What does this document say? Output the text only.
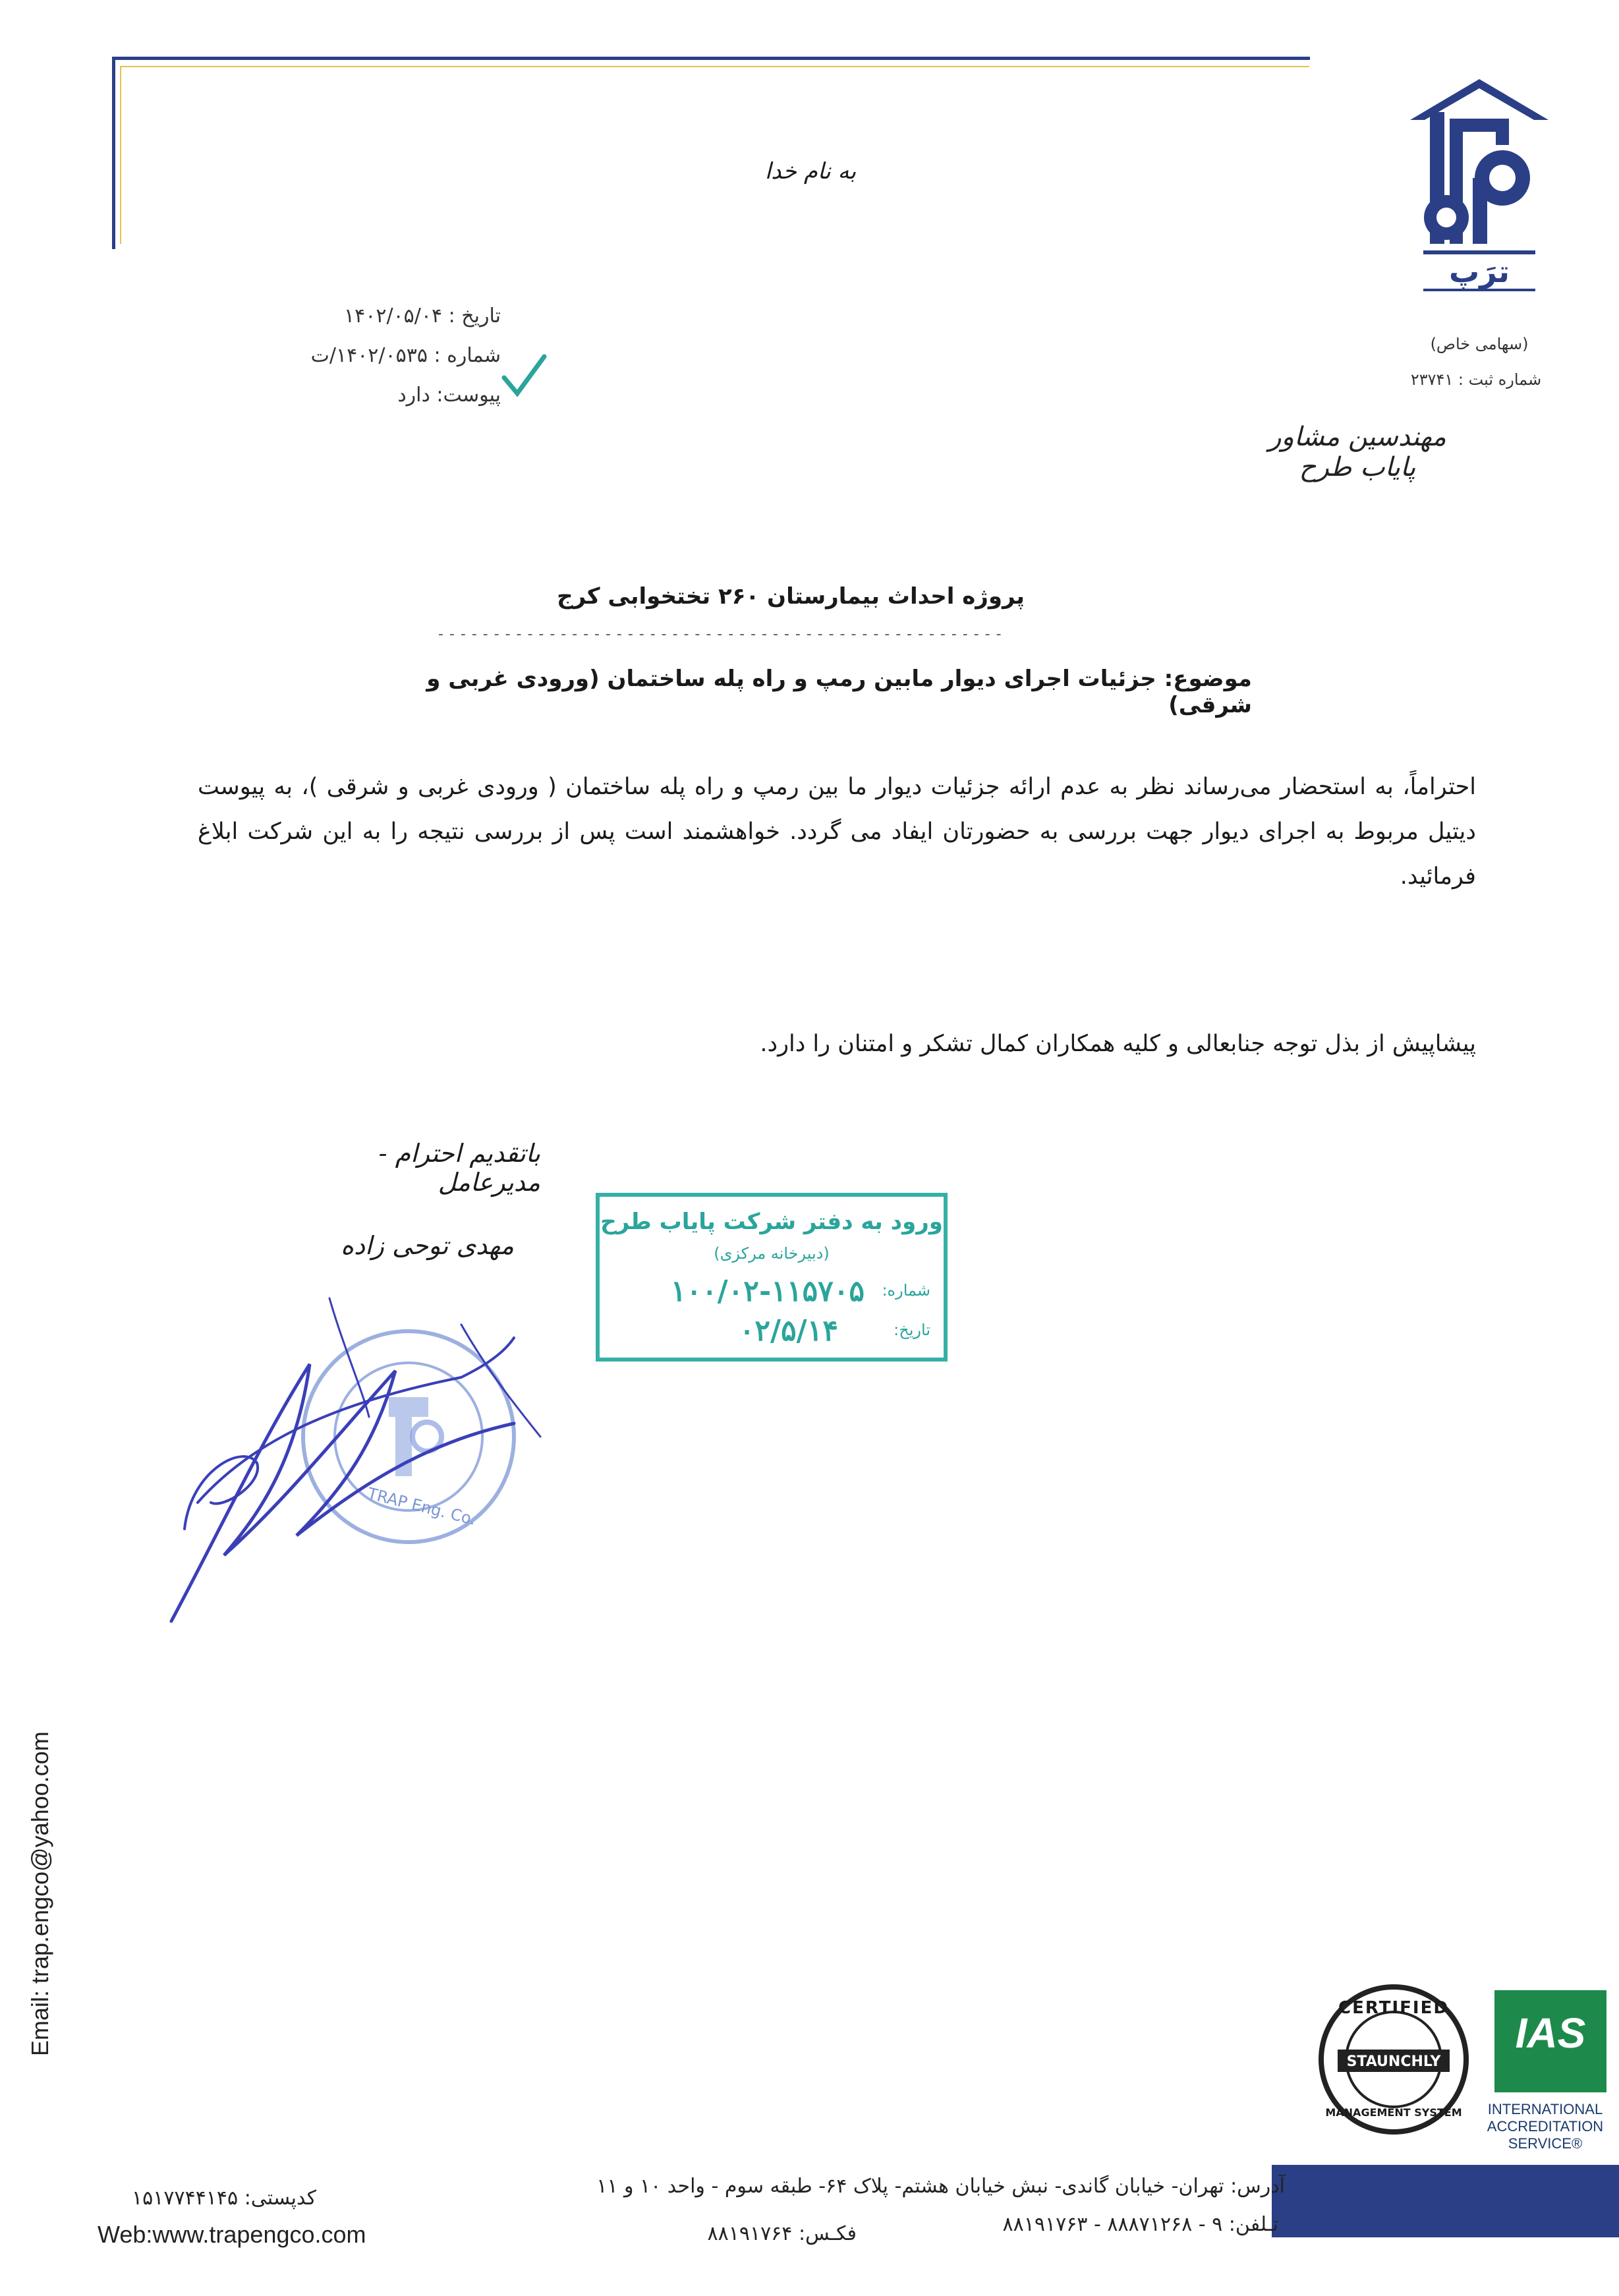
ترَپ
(سهامی خاص)
شماره ثبت : ۲۳۷۴۱
مهندسین مشاور پایاب طرح
به نام خدا
تاریخ : ۱۴۰۲/۰۵/۰۴
شماره : ۱۴۰۲/۰۵۳۵/ت
پیوست: دارد
پروژه احداث بیمارستان ۲۶۰ تختخوابی کرج
- - - - - - - - - - - - - - - - - - - - - - - - - - - - - - - - - - - - - - - - - - - - - - - - - - -
موضوع: جزئیات اجرای دیوار مابین رمپ و راه پله ساختمان (ورودی غربی و شرقی)
احتراماً، به استحضار می‌رساند نظر به عدم ارائه جزئیات دیوار ما بین رمپ و راه پله ساختمان ( ورودی غربی و شرقی )، به پیوست دیتیل مربوط به اجرای دیوار جهت بررسی به حضورتان ایفاد می گردد. خواهشمند است پس از بررسی نتیجه را به این شرکت ابلاغ فرمائید.
پیشاپیش از بذل توجه جنابعالی و کلیه همکاران کمال تشکر و امتنان را دارد.
باتقدیم احترام - مدیرعامل
مهدی توحی زاده
ورود به دفتر شرکت پایاب طرح
(دبیرخانه مرکزی)
شماره:
۱۰۰/۰۲-۱۱۵۷۰۵
تاریخ:
۰۲/۵/۱۴
TRAP Eng. Co.
Email: trap.engco@yahoo.com	CERTIFIED
STAUNCHLY
MANAGEMENT SYSTEM
IAS
INTERNATIONAL
ACCREDITATION
SERVICE®
کدپستی: ۱۵۱۷۷۴۴۱۴۵
Web:www.trapengco.com
آدرس: تهران- خیابان گاندی- نبش خیابان هشتم- پلاک ۶۴- طبقه سوم - واحد ۱۰ و ۱۱
تـلفن: ۹ - ۸۸۸۷۱۲۶۸ - ۸۸۱۹۱۷۶۳
فکـس: ۸۸۱۹۱۷۶۴
